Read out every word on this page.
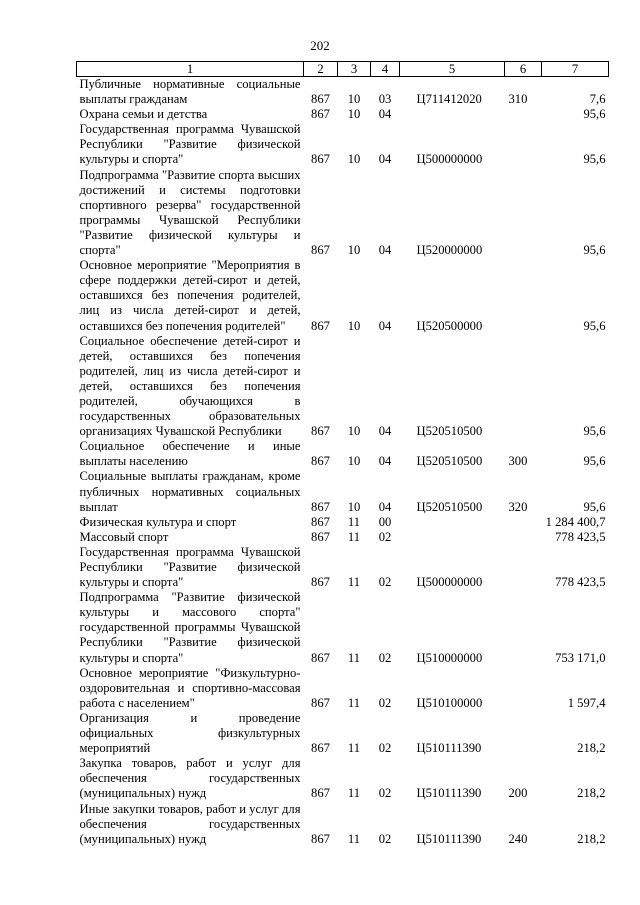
202
1	2	3	4	5	6	7
Публичные нормативные социальные выплаты гражданам	867	10	03	Ц711412020	310	7,6
Охрана семьи и детства	867	10	04			95,6
Государственная программа Чувашской Республики "Развитие физической культуры и спорта"	867	10	04	Ц500000000		95,6
Подпрограмма "Развитие спорта высших достижений и системы подготовки спортивного резерва" государственной программы Чувашской Республики "Развитие физической культуры и спорта"	867	10	04	Ц520000000		95,6
Основное мероприятие "Мероприятия в сфере поддержки детей-сирот и детей, оставшихся без попечения родителей, лиц из числа детей-сирот и детей, оставшихся без попечения родителей"	867	10	04	Ц520500000		95,6
Социальное обеспечение детей-сирот и детей, оставшихся без попечения родителей, лиц из числа детей-сирот и детей, оставшихся без попечения родителей, обучающихся в государственных образовательных организациях Чувашской Республики	867	10	04	Ц520510500		95,6
Социальное обеспечение и иные выплаты населению	867	10	04	Ц520510500	300	95,6
Социальные выплаты гражданам, кроме публичных нормативных социальных выплат	867	10	04	Ц520510500	320	95,6
Физическая культура и спорт	867	11	00			1 284 400,7
Массовый спорт	867	11	02			778 423,5
Государственная программа Чувашской Республики "Развитие физической культуры и спорта"	867	11	02	Ц500000000		778 423,5
Подпрограмма "Развитие физической культуры и массового спорта" государственной программы Чувашской Республики "Развитие физической культуры и спорта"	867	11	02	Ц510000000		753 171,0
Основное мероприятие "Физкультурно-оздоровительная и спортивно-массовая работа с населением"	867	11	02	Ц510100000		1 597,4
Организация и проведение официальных физкультурных мероприятий	867	11	02	Ц510111390		218,2
Закупка товаров, работ и услуг для обеспечения государственных (муниципальных) нужд	867	11	02	Ц510111390	200	218,2
Иные закупки товаров, работ и услуг для обеспечения государственных (муниципальных) нужд	867	11	02	Ц510111390	240	218,2
